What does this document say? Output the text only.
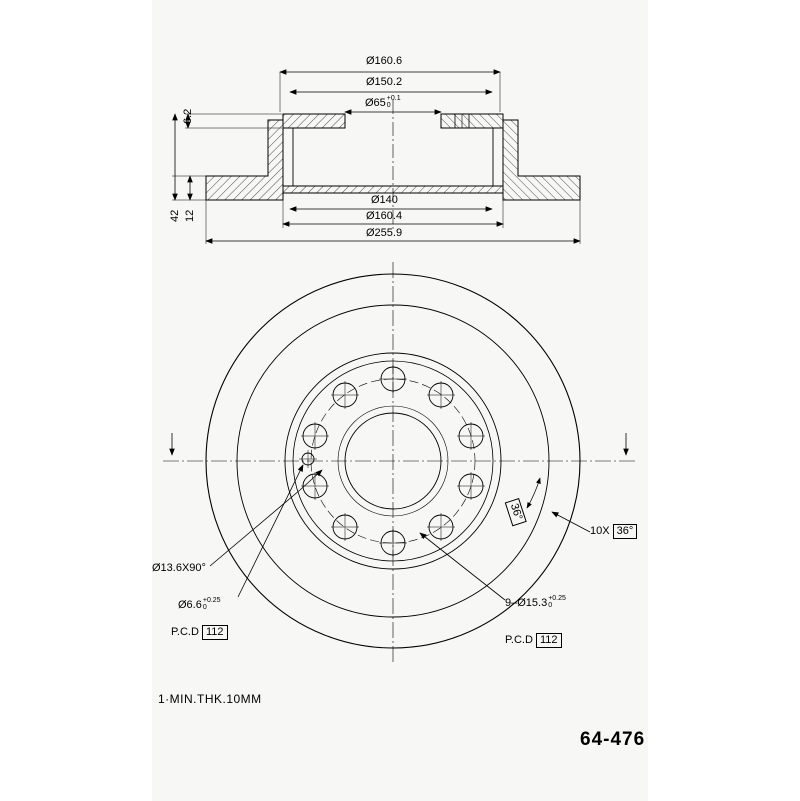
Ø160.6
Ø150.2
Ø65 +0.1
0
Ø140
Ø160.4
Ø255.9
6.2
42 12
Ø13.6X90°
Ø6.6 +0.25
0
P.C.D 112
9–Ø15.3 +0.25
0
P.C.D 112
36°
10X 36°
1·MIN.THK.10MM
64-476
